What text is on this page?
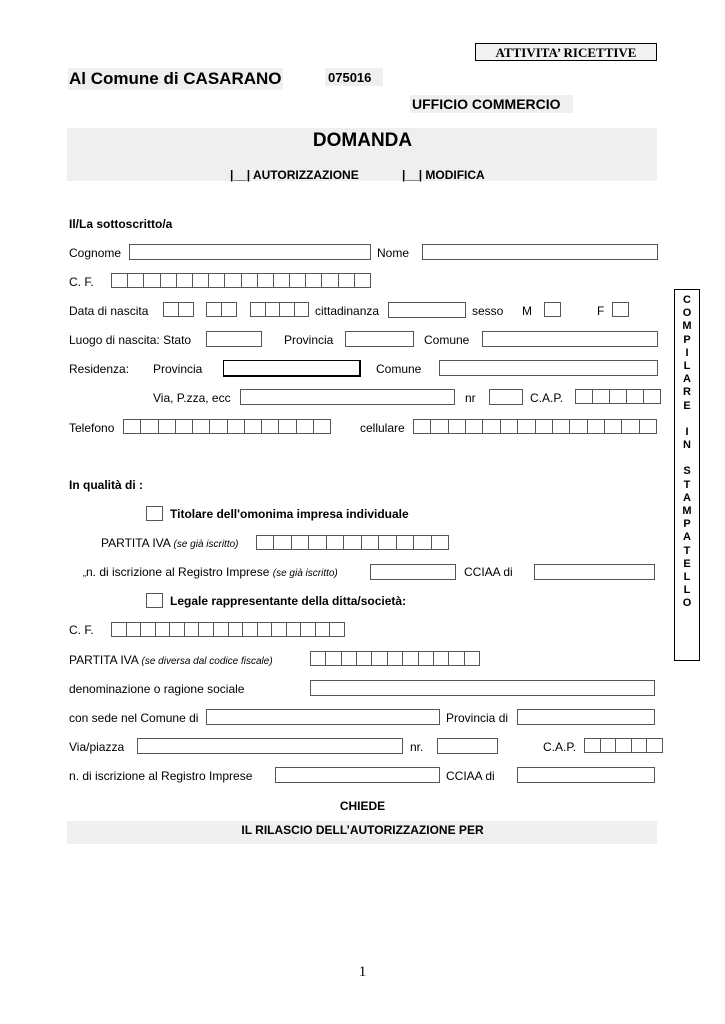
ATTIVITA’ RICETTIVE
Al Comune di CASARANO	075016
UFFICIO COMMERCIO
DOMANDA
|__| AUTORIZZAZIONE	|__| MODIFICA
Il/La sottoscritto/a
Cognome	Nome
C. F.
Data di nascita	cittadinanza	sesso M	F
Luogo di nascita: Stato	Provincia	Comune
Residenza: Provincia	Comune
Via, P.zza, ecc	nr	C.A.P.
Telefono	cellulare
In qualità di :
Titolare dell'omonima impresa individuale
PARTITA IVA (se già iscritto)
„n. di iscrizione al Registro Imprese (se già iscritto)	CCIAA di
Legale rappresentante della ditta/società:
C. F.
PARTITA IVA (se diversa dal codice fiscale)
denominazione o ragione sociale
con sede nel Comune di	Provincia di
Via/piazza	nr.	C.A.P.
n. di iscrizione al Registro Imprese	CCIAA di
CHIEDE
IL RILASCIO DELL’AUTORIZZAZIONE PER
C
O
M
P
I
L
A
R
E
I
N
S
T
A
M
P
A
T
E
L
L
O
1
